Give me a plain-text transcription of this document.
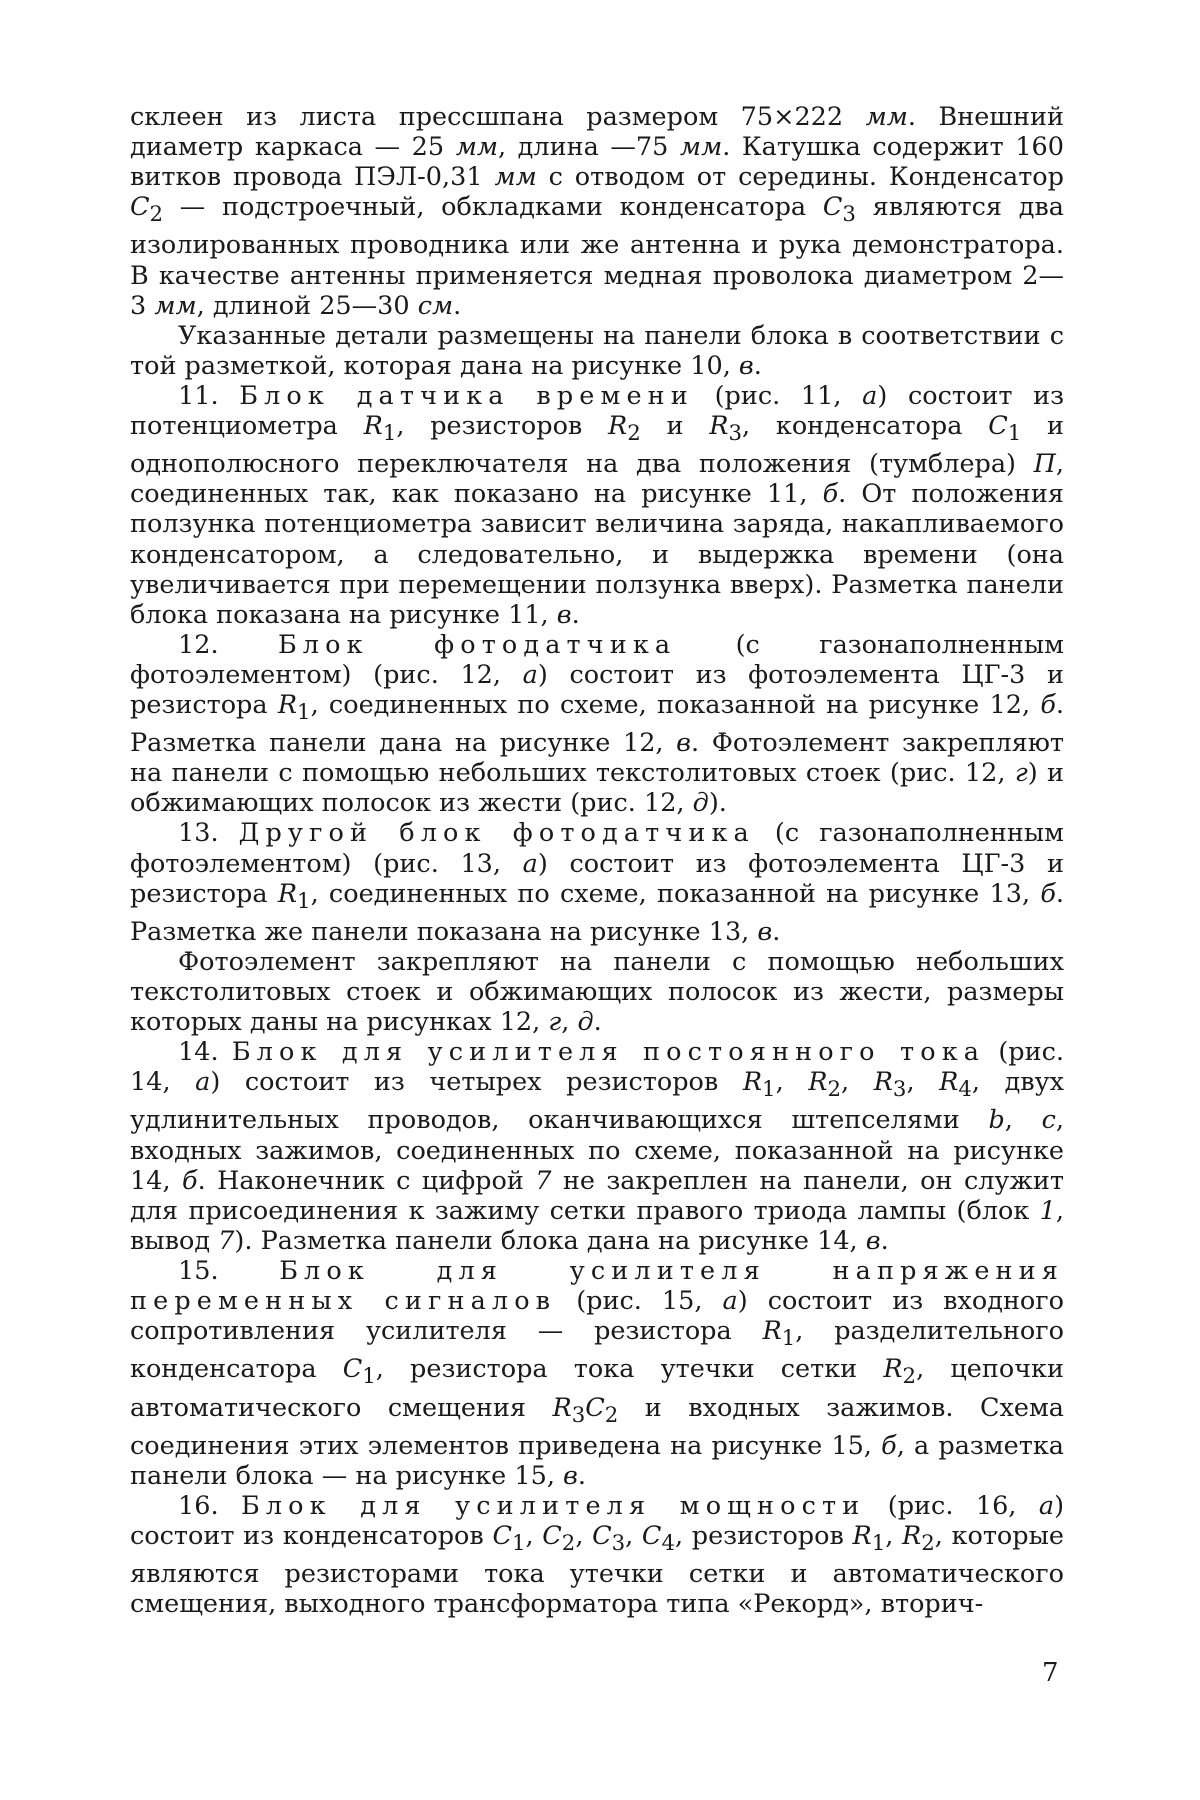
склеен из листа прессшпана размером 75×222 мм. Внешний диаметр каркаса — 25 мм, длина —75 мм. Катушка содержит 160 витков провода ПЭЛ-0,31 мм с отводом от середины. Конденсатор $C_2$ — подстроечный, обкладками конденсатора $C_3$ являются два изолированных проводника или же антенна и рука демонстратора. В качестве антенны применяется медная проволока диаметром 2—3 мм, длиной 25—30 см.

Указанные детали размещены на панели блока в соответствии с той разметкой, которая дана на рисунке 10, в.

11. Блок датчика времени (рис. 11, а) состоит из потенциометра $R_1$, резисторов $R_2$ и $R_3$, конденсатора $C_1$ и однополюсного переключателя на два положения (тумблера) П, соединенных так, как показано на рисунке 11, б. От положения ползунка потенциометра зависит величина заряда, накапливаемого конденсатором, а следовательно, и выдержка времени (она увеличивается при перемещении ползунка вверх). Разметка панели блока показана на рисунке 11, в.

12. Блок фотодатчика (с газонаполненным фотоэлементом) (рис. 12, а) состоит из фотоэлемента ЦГ-3 и резистора $R_1$, соединенных по схеме, показанной на рисунке 12, б. Разметка панели дана на рисунке 12, в. Фотоэлемент закрепляют на панели с помощью небольших текстолитовых стоек (рис. 12, г) и обжимающих полосок из жести (рис. 12, д).

13. Другой блок фотодатчика (с газонаполненным фотоэлементом) (рис. 13, а) состоит из фотоэлемента ЦГ-3 и резистора $R_1$, соединенных по схеме, показанной на рисунке 13, б. Разметка же панели показана на рисунке 13, в.

Фотоэлемент закрепляют на панели с помощью небольших текстолитовых стоек и обжимающих полосок из жести, размеры которых даны на рисунках 12, г, д.

14. Блок для усилителя постоянного тока (рис. 14, а) состоит из четырех резисторов $R_1$, $R_2$, $R_3$, $R_4$, двух удлинительных проводов, оканчивающихся штепселями b, c, входных зажимов, соединенных по схеме, показанной на рисунке 14, б. Наконечник с цифрой 7 не закреплен на панели, он служит для присоединения к зажиму сетки правого триода лампы (блок 1, вывод 7). Разметка панели блока дана на рисунке 14, в.

15. Блок для усилителя напряжения переменных сигналов (рис. 15, а) состоит из входного сопротивления усилителя — резистора $R_1$, разделительного конденсатора $C_1$, резистора тока утечки сетки $R_2$, цепочки автоматического смещения $R_3C_2$ и входных зажимов. Схема соединения этих элементов приведена на рисунке 15, б, а разметка панели блока — на рисунке 15, в.

16. Блок для усилителя мощности (рис. 16, а) состоит из конденсаторов $C_1$, $C_2$, $C_3$, $C_4$, резисторов $R_1$, $R_2$, которые являются резисторами тока утечки сетки и автоматического смещения, выходного трансформатора типа «Рекорд», вторич-

7
